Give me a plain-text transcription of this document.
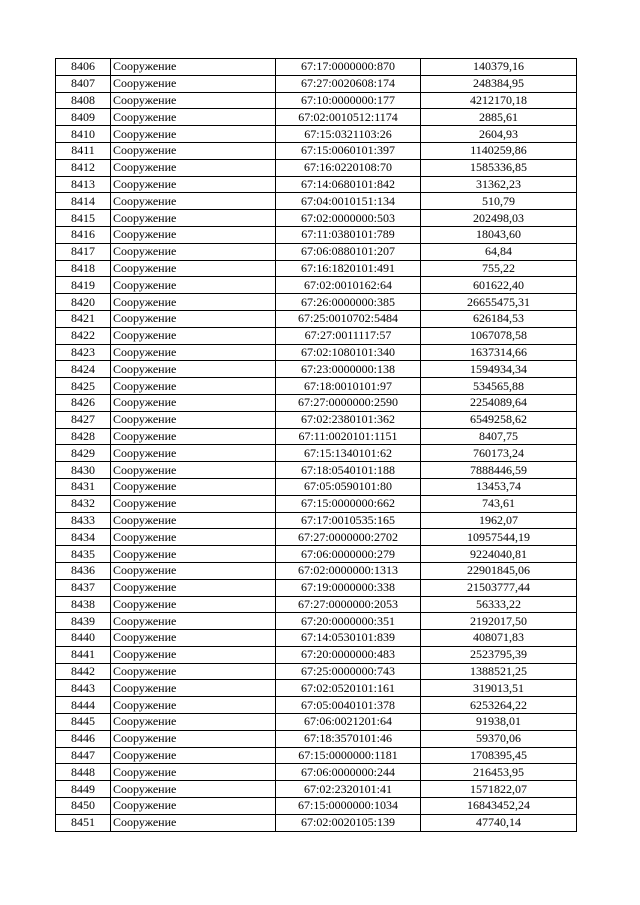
8406	Сооружение	67:17:0000000:870	140379,16
8407	Сооружение	67:27:0020608:174	248384,95
8408	Сооружение	67:10:0000000:177	4212170,18
8409	Сооружение	67:02:0010512:1174	2885,61
8410	Сооружение	67:15:0321103:26	2604,93
8411	Сооружение	67:15:0060101:397	1140259,86
8412	Сооружение	67:16:0220108:70	1585336,85
8413	Сооружение	67:14:0680101:842	31362,23
8414	Сооружение	67:04:0010151:134	510,79
8415	Сооружение	67:02:0000000:503	202498,03
8416	Сооружение	67:11:0380101:789	18043,60
8417	Сооружение	67:06:0880101:207	64,84
8418	Сооружение	67:16:1820101:491	755,22
8419	Сооружение	67:02:0010162:64	601622,40
8420	Сооружение	67:26:0000000:385	26655475,31
8421	Сооружение	67:25:0010702:5484	626184,53
8422	Сооружение	67:27:0011117:57	1067078,58
8423	Сооружение	67:02:1080101:340	1637314,66
8424	Сооружение	67:23:0000000:138	1594934,34
8425	Сооружение	67:18:0010101:97	534565,88
8426	Сооружение	67:27:0000000:2590	2254089,64
8427	Сооружение	67:02:2380101:362	6549258,62
8428	Сооружение	67:11:0020101:1151	8407,75
8429	Сооружение	67:15:1340101:62	760173,24
8430	Сооружение	67:18:0540101:188	7888446,59
8431	Сооружение	67:05:0590101:80	13453,74
8432	Сооружение	67:15:0000000:662	743,61
8433	Сооружение	67:17:0010535:165	1962,07
8434	Сооружение	67:27:0000000:2702	10957544,19
8435	Сооружение	67:06:0000000:279	9224040,81
8436	Сооружение	67:02:0000000:1313	22901845,06
8437	Сооружение	67:19:0000000:338	21503777,44
8438	Сооружение	67:27:0000000:2053	56333,22
8439	Сооружение	67:20:0000000:351	2192017,50
8440	Сооружение	67:14:0530101:839	408071,83
8441	Сооружение	67:20:0000000:483	2523795,39
8442	Сооружение	67:25:0000000:743	1388521,25
8443	Сооружение	67:02:0520101:161	319013,51
8444	Сооружение	67:05:0040101:378	6253264,22
8445	Сооружение	67:06:0021201:64	91938,01
8446	Сооружение	67:18:3570101:46	59370,06
8447	Сооружение	67:15:0000000:1181	1708395,45
8448	Сооружение	67:06:0000000:244	216453,95
8449	Сооружение	67:02:2320101:41	1571822,07
8450	Сооружение	67:15:0000000:1034	16843452,24
8451	Сооружение	67:02:0020105:139	47740,14
